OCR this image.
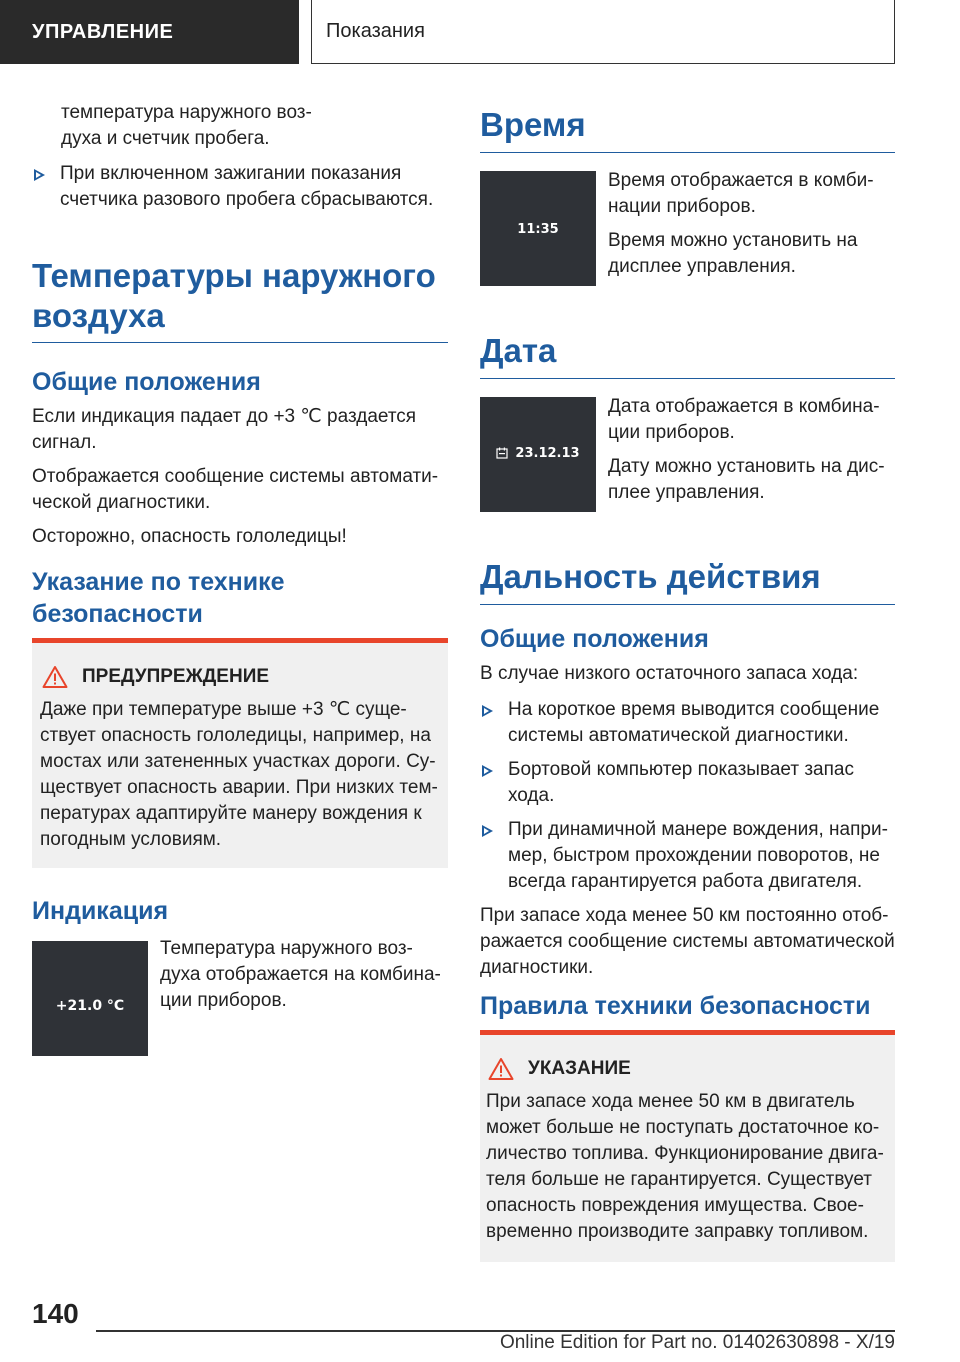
УПРАВЛЕНИЕ	Показания
температура наружного воз-
духа и счетчик пробега.
При включенном зажигании показания счетчика разового пробега сбрасываются.
Температуры наружного воздуха
Общие положения

Если индикация падает до +3 ℃ раздается сигнал.

Отображается сообщение системы автомати-
ческой диагностики.

Осторожно, опасность гололедицы!

Указание по технике безопасности
ПРЕДУПРЕЖДЕНИЕ
Даже при температуре выше +3 ℃ суще-
ствует опасность гололедицы, например, на мостах или затененных участках дороги. Су-
ществует опасность аварии. При низких тем-
пературах адаптируйте манеру вождения к погодным условиям.
Индикация
+21.0 °C
Температура наружного воз-
духа отображается на комбина-
ции приборов.
Время
11:35

Время отображается в комби-
нации приборов.

Время можно установить на дисплее управления.

Дата
23.12.13

Дата отображается в комбина-
ции приборов.

Дату можно установить на дис-
плее управления.

Дальность действия
Общие положения

В случае низкого остаточного запаса хода:

На короткое время выводится сообщение системы автоматической диагностики.
Бортовой компьютер показывает запас хода.
При динамичной манере вождения, напри-
мер, быстром прохождении поворотов, не всегда гарантируется работа двигателя.

При запасе хода менее 50 км постоянно отоб-
ражается сообщение системы автоматической диагностики.

Правила техники безопасности
УКАЗАНИЕ
При запасе хода менее 50 км в двигатель может больше не поступать достаточное ко-
личество топлива. Функционирование двига-
теля больше не гарантируется. Существует опасность повреждения имущества. Свое-
временно производите заправку топливом.
140
Online Edition for Part no. 01402630898 - X/19
